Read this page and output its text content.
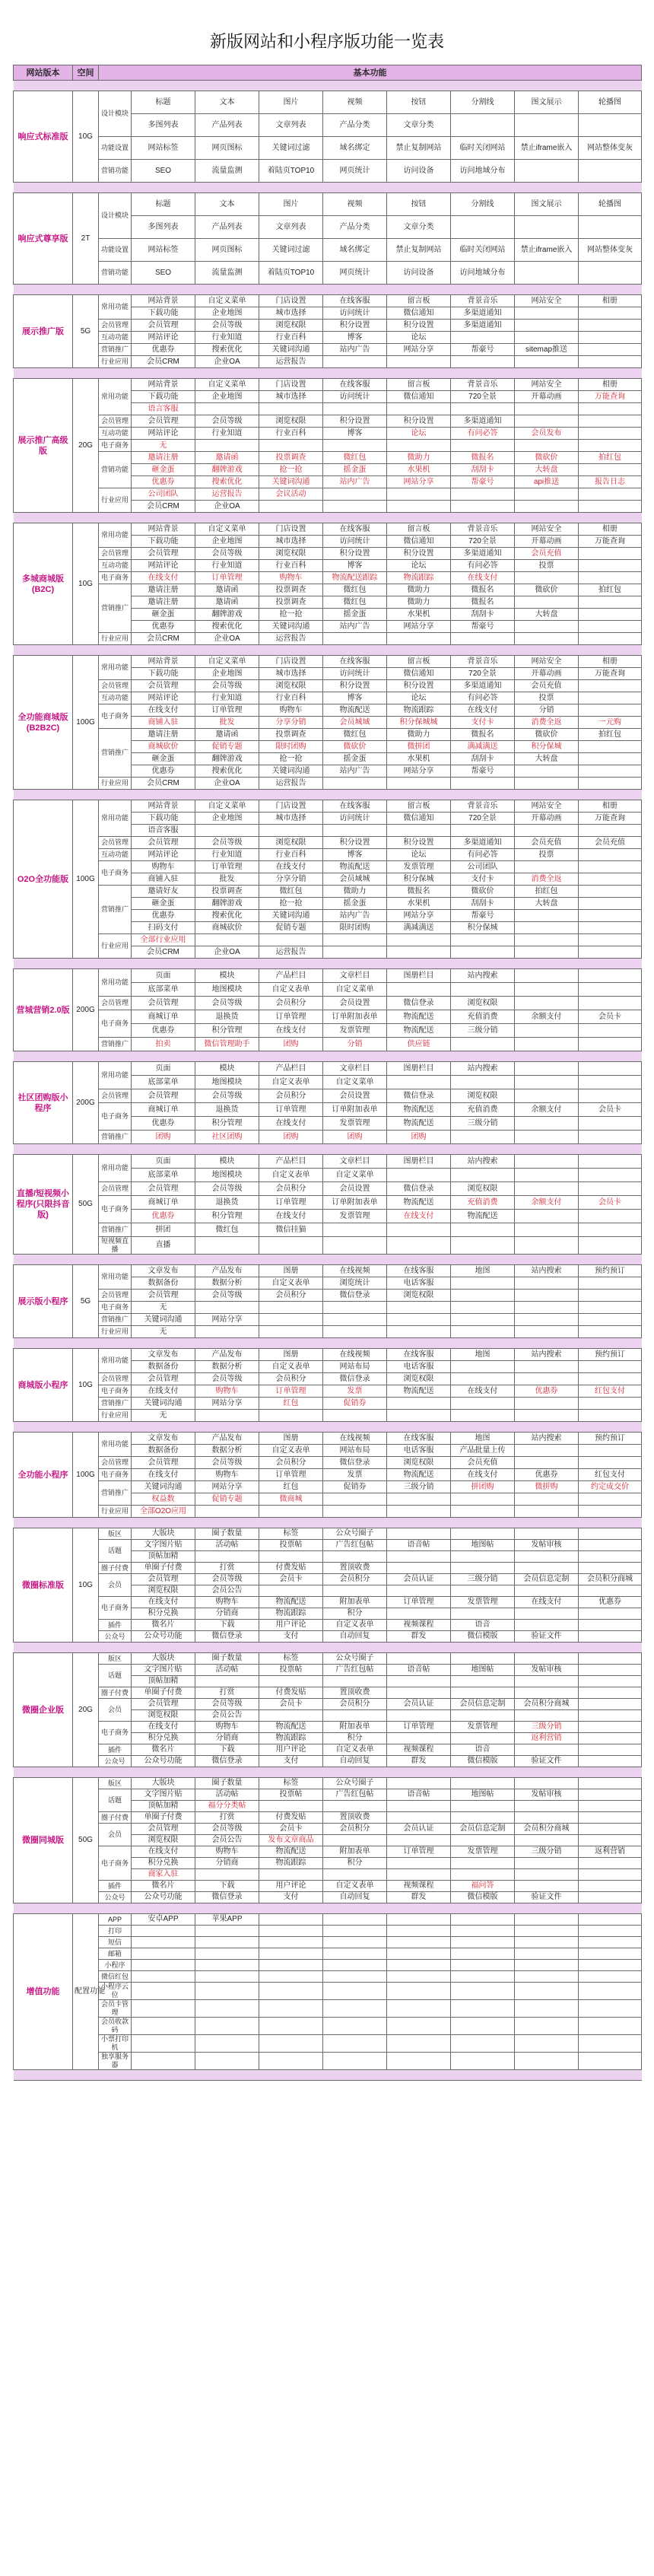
新版网站和小程序版功能一览表
网站版本	空间	基本功能								

响应式标准版	10G	设计模块	标题	文本	图片	视频	按钮	分割线	图文展示	轮播图
			多图列表	产品列表	文章列表	产品分类	文章分类			
		功能设置	网站标签	网页图标	关键词过滤	域名绑定	禁止复制网站	临时关闭网站	禁止iframe嵌入	网站整体变灰
		营销功能	SEO	流量监测	着陆页TOP10	网页统计	访问设备	访问地域分布		

响应式尊享版	2T	设计模块	标题	文本	图片	视频	按钮	分割线	图文展示	轮播图
			多图列表	产品列表	文章列表	产品分类	文章分类			
		功能设置	网站标签	网页图标	关键词过滤	域名绑定	禁止复制网站	临时关闭网站	禁止iframe嵌入	网站整体变灰
		营销功能	SEO	流量监测	着陆页TOP10	网页统计	访问设备	访问地域分布		

展示推广版	5G	常用功能	网站背景	自定义菜单	门店设置	在线客服	留言板	背景音乐	网站安全	相册
			下载功能	企业地图	城市选择	访问统计	微信通知	多渠道通知		
		会员管理	会员管理	会员等级	浏览权限	积分设置	积分设置	多渠道通知		
		互动功能	网站评论	行业知道	行业百科	博客	论坛			
		营销推广	优惠券	搜索优化	关键词沟通	站内广告	网站分享	帮豪号	sitemap推送	
		行业应用	会员CRM	企业OA	运营报告					

展示推广高级版	20G	常用功能	网站背景	自定义菜单	门店设置	在线客服	留言板	背景音乐	网站安全	相册
			下载功能	企业地图	城市选择	访问统计	微信通知	720全景	开幕动画	万能查询
			语言客服							
		会员管理	会员管理	会员等级	浏览权限	积分设置	积分设置	多渠道通知		
		互动功能	网站评论	行业知道	行业百科	博客	论坛	有问必答	会员发布	
		电子商务	无							
		营销功能	邀请注册	邀请函	投票调查	微红包	微助力	微报名	微砍价	拍红包
			砸金蛋	翻牌游戏	抢一抢	摇金蛋	水果机	刮刮卡	大转盘	
			优惠券	搜索优化	关键词沟通	站内广告	网站分享	帮豪号	api推送	报告日志
		行业应用	公司团队	运营报告	会议活动					
			会员CRM	企业OA						

多城商城版(B2C)	10G	常用功能	网站背景	自定义菜单	门店设置	在线客服	留言板	背景音乐	网站安全	相册
			下载功能	企业地图	城市选择	访问统计	微信通知	720全景	开幕动画	万能查询
		会员管理	会员管理	会员等级	浏览权限	积分设置	积分设置	多渠道通知	会员充值	
		互动功能	网站评论	行业知道	行业百科	博客	论坛	有问必答	投票	
		电子商务	在线支付	订单管理	购物车	物流配送跟踪	物流跟踪	在线支付		
		营销推广	邀请注册	邀请函	投票调查	微红包	微助力	微报名	微砍价	拍红包
			邀请注册	邀请函	投票调查	微红包	微助力	微报名		
			砸金蛋	翻牌游戏	抢一抢	摇金蛋	水果机	刮刮卡	大转盘	
			优惠券	搜索优化	关键词沟通	站内广告	网站分享	帮豪号		
		行业应用	会员CRM	企业OA	运营报告					

全功能商城版(B2B2C)	100G	常用功能	网站背景	自定义菜单	门店设置	在线客服	留言板	背景音乐	网站安全	相册
			下载功能	企业地图	城市选择	访问统计	微信通知	720全景	开幕动画	万能查询
		会员管理	会员管理	会员等级	浏览权限	积分设置	积分设置	多渠道通知	会员充值	
		互动功能	网站评论	行业知道	行业百科	博客	论坛	有问必答	投票	
		电子商务	在线支付	订单管理	购物车	物流配送	物流跟踪	在线支付	分销	
			商铺入驻	批发	分享分销	会员城域	积分保城城	支付卡	消费全返	一元购
		营销推广	邀请注册	邀请函	投票调查	微红包	微助力	微报名	微砍价	拍红包
			商城砍价	促销专题	限时团购	微砍价	微拼团	满减满送	积分保城	
			砸金蛋	翻牌游戏	抢一抢	摇金蛋	水果机	刮刮卡	大转盘	
			优惠券	搜索优化	关键词沟通	站内广告	网站分享	帮豪号		
		行业应用	会员CRM	企业OA	运营报告					

O2O全功能版	100G	常用功能	网站背景	自定义菜单	门店设置	在线客服	留言板	背景音乐	网站安全	相册
			下载功能	企业地图	城市选择	访问统计	微信通知	720全景	开幕动画	万能查询
			语音客服							
		会员管理	会员管理	会员等级	浏览权限	积分设置	积分设置	多渠道通知	会员充值	会员充值
		互动功能	网站评论	行业知道	行业百科	博客	论坛	有问必答	投票	
		电子商务	购物车	订单管理	在线支付	物流配送	发票管理	公司团队		
			商铺入驻	批发	分享分销	会员域城	积分保城	支付卡	消费全返	
		营销推广	邀请好友	投票调查	微红包	微助力	微报名	微砍价	拍红包	
			砸金蛋	翻牌游戏	抢一抢	摇金蛋	水果机	刮刮卡	大转盘	
			优惠券	搜索优化	关键词沟通	站内广告	网站分享	帮豪号		
			扫码支付	商城砍价	促销专题	限时团购	满减满送	积分保城		
		行业应用	全部行业应用							
			会员CRM	企业OA	运营报告					

营城营销2.0版	200G	常用功能	页面	模块	产品栏目	文章栏目	图册栏目	站内搜索		
			底部菜单	地图模块	自定义表单	自定义菜单				
		会员管理	会员管理	会员等级	会员积分	会员设置	微信登录	浏览权限		
		电子商务	商城订单	退换货	订单管理	订单附加表单	物流配送	充值消费	余额支付	会员卡
			优惠券	积分管理	在线支付	发票管理	物流配送	三级分销		
		营销推广	拍卖	微信管理助手	团购	分销	供应链			

社区团购版小程序	200G	常用功能	页面	模块	产品栏目	文章栏目	图册栏目	站内搜索		
			底部菜单	地图模块	自定义表单	自定义菜单				
		会员管理	会员管理	会员等级	会员积分	会员设置	微信登录	浏览权限		
		电子商务	商城订单	退换货	订单管理	订单附加表单	物流配送	充值消费	余额支付	会员卡
			优惠券	积分管理	在线支付	发票管理	物流配送	三级分销		
		营销推广	团购	社区团购	团购	团购	团购			

直播/短视频小程序(只限抖音版)	50G	常用功能	页面	模块	产品栏目	文章栏目	图册栏目	站内搜索		
			底部菜单	地图模块	自定义表单	自定义菜单				
		会员管理	会员管理	会员等级	会员积分	会员设置	微信登录	浏览权限		
		电子商务	商城订单	退换货	订单管理	订单附加表单	物流配送	充值消费	余额支付	会员卡
			优惠券	积分管理	在线支付	发票管理	在线支付	物流配送		
		营销推广	拼团	微红包	微信挂猫					
		短视频直播	直播							

展示版小程序	5G	常用功能	文章发布	产品发布	图册	在线视频	在线客服	地图	站内搜索	预约预订
			数据备份	数据分析	自定义表单	浏览统计	电话客服			
		会员管理	会员管理	会员等级	会员积分	微信登录	浏览权限			
		电子商务	无							
		营销推广	关键词沟通	网站分享						
		行业应用	无							

商城版小程序	10G	常用功能	文章发布	产品发布	图册	在线视频	在线客服	地图	站内搜索	预约预订
			数据备份	数据分析	自定义表单	网站布局	电话客服			
		会员管理	会员管理	会员等级	会员积分	微信登录	浏览权限			
		电子商务	在线支付	购物车	订单管理	发票	物流配送	在线支付	优惠券	红包支付
		营销推广	关键词沟通	网站分享	红包	促销券				
		行业应用	无							

全功能小程序	100G	常用功能	文章发布	产品发布	图册	在线视频	在线客服	地图	站内搜索	预约预订
			数据备份	数据分析	自定义表单	网站布局	电话客服	产品批量上传		
		会员管理	会员管理	会员等级	会员积分	微信登录	浏览权限	会员充值		
		电子商务	在线支付	购物车	订单管理	发票	物流配送	在线支付	优惠券	红包支付
		营销推广	关键词沟通	网站分享	红包	促销券	三级分销	拼团购	微拼购	约定成交价
			权益数	促销专题	微商城					
		行业应用	全部O2O应用							

微圈标准版	10G	版区	大版块	圈子数量	标签	公众号圈子				
		话题	文字图片贴	活动帖	投票帖	广告红包帖	语音帖	地图帖	发帖审核	
			顶帖加精							
		圈子付费	单圈子付费	打赏	付费发贴	置顶收费				
		会员	会员管理	会员等级	会员卡	会员积分	会员认证	三级分销	会员信息定制	会员积分商城
			浏览权限	会员公告						
		电子商务	在线支付	购物车	物流配送	附加表单	订单管理	发票管理	在线支付	优惠券
			积分兑换	分销商	物流跟踪	积分				
		插件	微名片	下载	用户评论	自定义表单	视频课程	语音		
		公众号	公众号功能	微信登录	支付	自动回复	群发	微信模版	验证文件	

微圈企业版	20G	版区	大版块	圈子数量	标签	公众号圈子				
		话题	文字图片贴	活动帖	投票帖	广告红包帖	语音帖	地图帖	发帖审核	
			顶帖加精							
		圈子付费	单圈子付费	打赏	付费发贴	置顶收费				
		会员	会员管理	会员等级	会员卡	会员积分	会员认证	会员信息定制	会员积分商城	
			浏览权限	会员公告						
		电子商务	在线支付	购物车	物流配送	附加表单	订单管理	发票管理	三级分销	
			积分兑换	分销商	物流跟踪	积分			返利营销	
		插件	微名片	下载	用户评论	自定义表单	视频课程	语音		
		公众号	公众号功能	微信登录	支付	自动回复	群发	微信模版	验证文件	

微圈同城版	50G	版区	大版块	圈子数量	标签	公众号圈子				
		话题	文字图片贴	活动帖	投票帖	广告红包帖	语音帖	地图帖	发帖审核	
			顶帖加精	福分分类帖						
		圈子付费	单圈子付费	打赏	付费发贴	置顶收费				
		会员	会员管理	会员等级	会员卡	会员积分	会员认证	会员信息定制	会员积分商城	
			浏览权限	会员公告	发布文章商品					
		电子商务	在线支付	购物车	物流配送	附加表单	订单管理	发票管理	三级分销	返利营销
			积分兑换	分销商	物流跟踪	积分				
			商家入驻							
		插件	微名片	下载	用户评论	自定义表单	视频课程	福问答		
		公众号	公众号功能	微信登录	支付	自动回复	群发	微信模版	验证文件	

增值功能	配置功能	APP	安卓APP	苹果APP						
		打印								
		短信								
		邮箱								
		小程序								
		微信红包								
		小程序云位								
		会员卡管理								
		会员收款码								
		小票打印机								
		独享服务器								
